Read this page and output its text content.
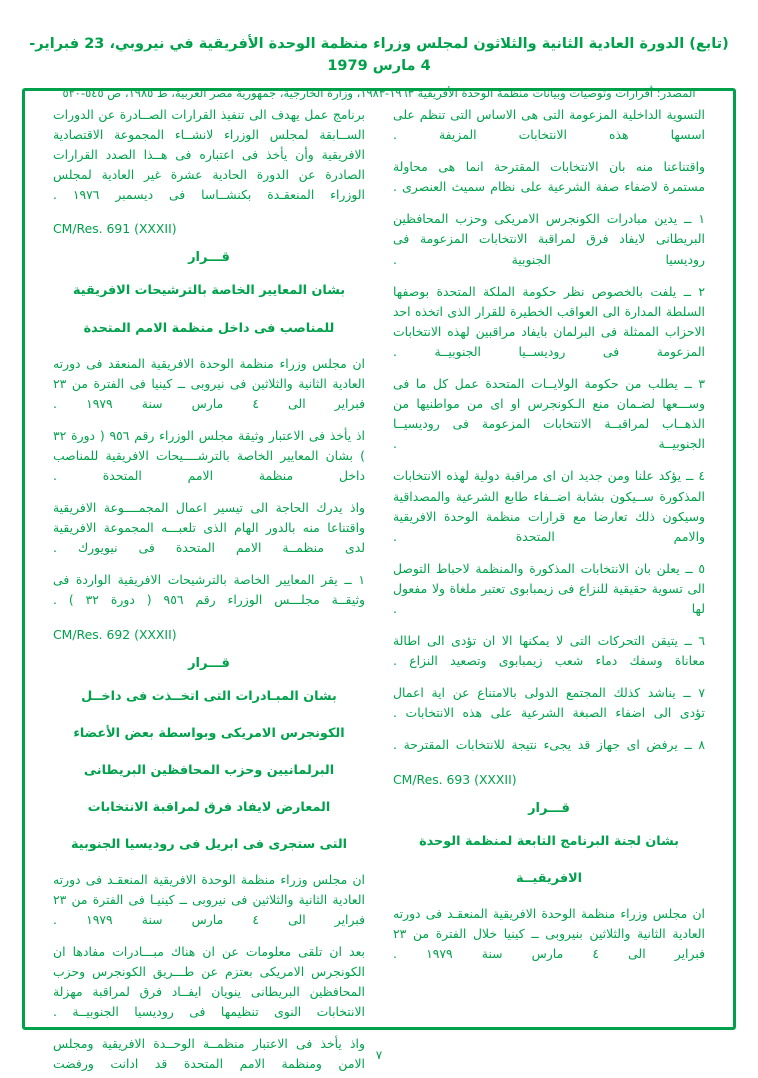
(تابع) الدورة العادية الثانية والثلاثون لمجلس وزراء منظمة الوحدة الأفريقية في نيروبي، 23 فبراير- 4 مارس 1979
المصدر: أقرارات وتوصيات وبيانات منظمة الوحدة الأفريقية ١٩٦٣-١٩٨٣، وزارة الخارجية، جمهورية مصر العربية، ط ١٩٨٥، ص ٥٤٥-٥٢٠

التسوية الداخلية المزعومة التى هى الاساس التى تنظم على اسسها هذه الانتخابات المزيفة .

واقتناعنا منه بان الانتخابات المقترحة انما هى محاولة مستمرة لاضفاء صفة الشرعية على نظام سميث العنصرى .

١ ــ يدين مبادرات الكونجرس الامريكى وحزب المحافظين البريطانى لايفاد فرق لمراقبة الانتخابات المزعومة فى روديسيا الجنوبية .

٢ ــ يلفت بالخصوص نظر حكومة الملكة المتحدة بوصفها السلطة المدارة الى العواقب الخطيرة للقرار الذى اتخذه احد الاحزاب الممثلة فى البرلمان بايفاد مراقبين لهذه الانتخابات المزعومة فى روديســيا الجنوبيــة .

٣ ــ يطلب من حكومة الولايــات المتحدة عمل كل ما فى وســـعها لضـمان منع الـكونجرس او اى من مواطنيها من الذهــاب لمراقبــة الانتخابات المزعومة فى روديسيــا الجنوبيــة .

٤ ــ يؤكد علنا ومن جديد ان اى مراقبة دولية لهذه الانتخابات المذكورة ســيكون بشابة اضــفاء طابع الشرعية والمصداقية وسيكون ذلك تعارضا مع قرارات منظمة الوحدة الافريقية والامم المتحدة .

٥ ــ يعلن بان الانتخابات المذكورة والمنظمة لاحباط التوصل الى تسوية حقيقية للنزاع فى زيمبابوى تعتبر ملغاة ولا مفعول لها .

٦ ــ يتيقن التحركات التى لا يمكنها الا ان تؤدى الى اطالة معاناة وسفك دماء شعب زيمبابوى وتصعيد النزاع .

٧ ــ يناشد كذلك المجتمع الدولى بالامتناع عن اية اعمال تؤدى الى اضفاء الصبغة الشرعية على هذه الانتخابات .

٨ ــ يرفض اى جهاز قد يجىء نتيجة للانتخابات المقترحة .

CM/Res. 693 (XXXII)
قـــرار
بشان لجنة البرنامج التابعة لمنظمة الوحدة
الافريقيــة

ان مجلس وزراء منظمة الوحدة الافريقية المنعقـد فى دورته العادية الثانية والثلاثين بنيروبى ــ كينيا خلال الفترة من ٢٣ فبراير الى ٤ مارس سنة ١٩٧٩ .

برنامج عمل يهدف الى تنفيذ القرارات الصــادرة عن الدورات الســابقة لمجلس الوزراء لانشــاء المجموعة الاقتصادية الافريقية وأن يأخذ فى اعتباره فى هــذا الصدد القرارات الصادرة عن الدورة الحادية عشرة غير العادية لمجلس الوزراء المنعقـدة بكنشــاسا فى ديسمبر ١٩٧٦ .

CM/Res. 691 (XXXII)
قـــرار
بشان المعايير الخاصة بالترشيحات الافريقية
للمناصب فى داخل منظمة الامم المتحدة

ان مجلس وزراء منظمة الوحدة الافريقية المنعقد فى دورته العادية الثانية والثلاثين فى نيروبى ــ كينيا فى الفترة من ٢٣ فبراير الى ٤ مارس سنة ١٩٧٩ .

اذ يأخذ فى الاعتبار وثيقة مجلس الوزراء رقم ٩٥٦ ( دورة ٣٢ ) بشان المعايير الخاصة بالترشــــيحات الافريقية للمناصب داخل منظمة الامم المتحدة .

واذ يدرك الحاجة الى تيسير اعمال المجمــــوعة الافريقية واقتناعا منه بالدور الهام الذى تلعبـــه المجموعة الافريقية لدى منظمــة الامم المتحدة فى نيويورك .

١ ــ يقر المعايير الخاصة بالترشيحات الافريقية الواردة فى وثيقــة مجلـــس الوزراء رقم ٩٥٦ ( دورة ٣٢ ) .

CM/Res. 692 (XXXII)
قـــرار
بشان المبـادرات التى اتخــذت فى داخــل
الكونجرس الامريكى وبواسطة بعض الأعضاء
البرلمانيين وحزب المحافظين البريطانى
المعارض لايفاد فرق لمراقبة الانتخابات
التى ستجرى فى ابريل فى روديسيا الجنوبية

ان مجلس وزراء منظمة الوحدة الافريقية المنعقـد فى دورته العادية الثانية والثلاثين فى نيروبى ــ كينيـا فى الفترة من ٢٣ فبراير الى ٤ مارس سنة ١٩٧٩ .

بعد ان تلقى معلومات عن ان هناك مبـــادرات مفادها ان الكونجرس الامريكى بعتزم عن طـــريق الكونجرس وحزب المحافظين البريطانى ينويان ايفــاد فرق لمراقبة مهزلة الانتخابات النوى تنظيمها فى روديسيا الجنوبيــة .

واذ يأخذ فى الاعتبار منظمــة الوحــدة الافريقية ومجلس الامن ومنظمة الامم المتحدة قد ادانت ورفضت

٧
